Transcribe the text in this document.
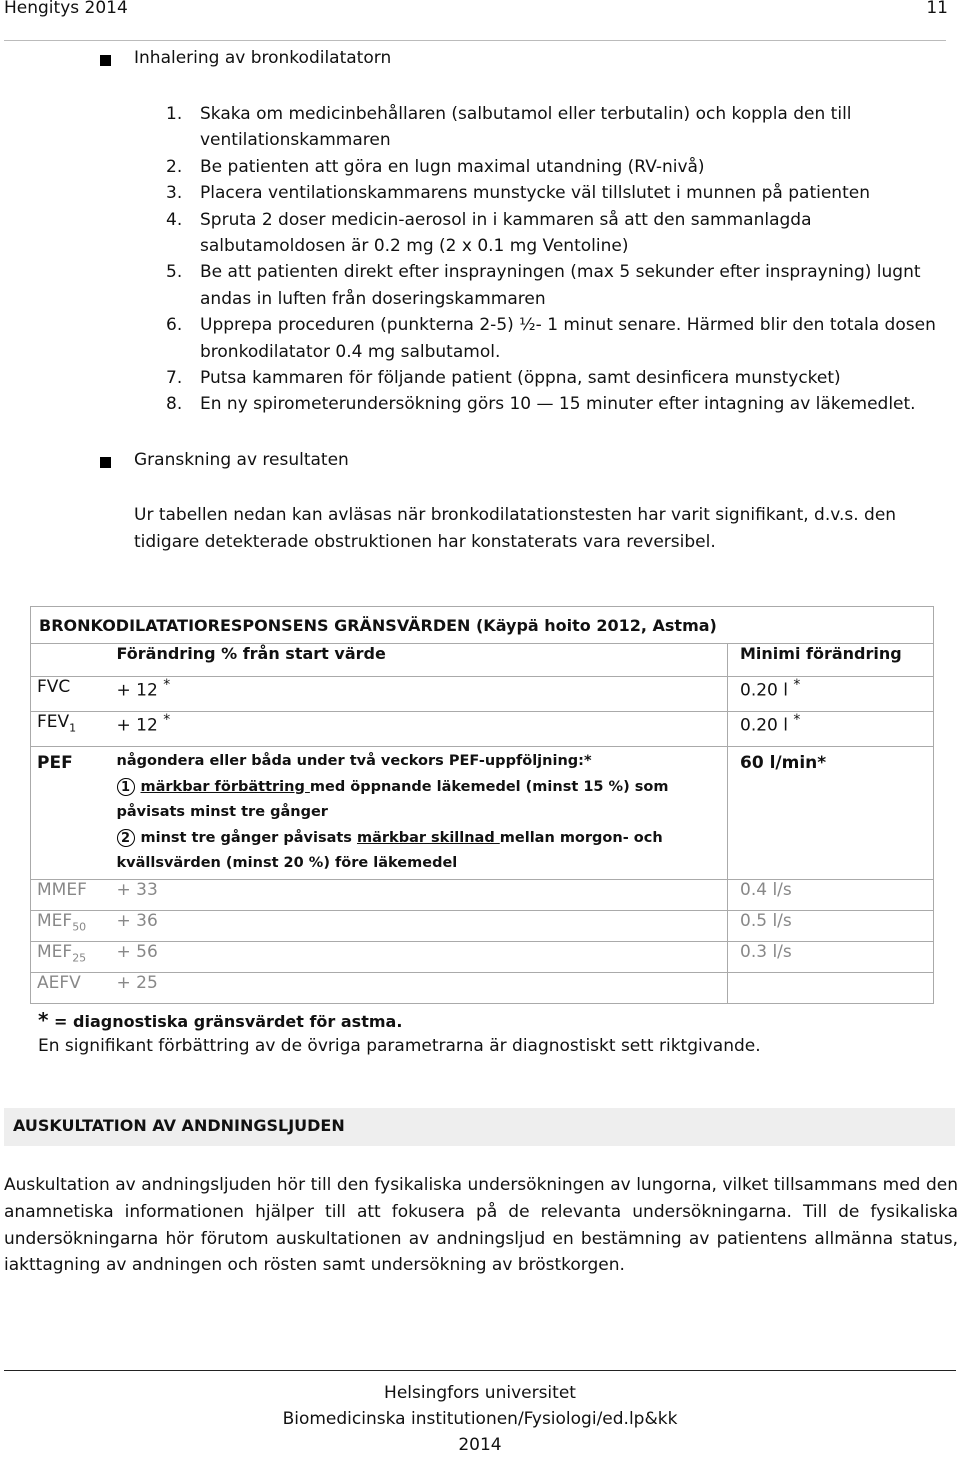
Hengitys 2014	11
Inhalering av bronkodilatatorn
1. Skaka om medicinbehållaren (salbutamol eller terbutalin) och koppla den till ventilationskammaren
2. Be patienten att göra en lugn maximal utandning (RV-nivå)
3. Placera ventilationskammarens munstycke väl tillslutet i munnen på patienten
4. Spruta 2 doser medicin-aerosol in i kammaren så att den sammanlagda salbutamoldosen är 0.2 mg (2 x 0.1 mg Ventoline)
5. Be att patienten direkt efter insprayningen (max 5 sekunder efter insprayning) lugnt andas in luften från doseringskammaren
6. Upprepa proceduren (punkterna 2-5) ½- 1 minut senare. Härmed blir den totala dosen bronkodilatator 0.4 mg salbutamol.
7. Putsa kammaren för följande patient (öppna, samt desinficera munstycket)
8. En ny spirometerundersökning görs 10 — 15 minuter efter intagning av läkemedlet.
Granskning av resultaten
Ur tabellen nedan kan avläsas när bronkodilatationstesten har varit signifikant, d.v.s. den tidigare detekterade obstruktionen har konstaterats vara reversibel.
BRONKODILATATIORESPONSENS GRÄNSVÄRDEN (Käypä hoito 2012, Astma)		
	Förändring % från start värde	Minimi förändring
FVC	+ 12 *	0.20 l *
$FEV_1$	+ 12 *	0.20 l *
PEF	någondera eller båda under två veckors PEF-uppföljning:*
1 märkbar förbättring med öppnande läkemedel (minst 15 %) som påvisats minst tre gånger
2 minst tre gånger påvisats märkbar skillnad mellan morgon- och kvällsvärden (minst 20 %) före läkemedel	60 l/min*
MMEF	+ 33	0.4 l/s
$MEF_{50}$	+ 36	0.5 l/s
$MEF_{25}$	+ 56	0.3 l/s
AEFV	+ 25	
* = diagnostiska gränsvärdet för astma.
En signifikant förbättring av de övriga parametrarna är diagnostiskt sett riktgivande.
AUSKULTATION AV ANDNINGSLJUDEN
Auskultation av andningsljuden hör till den fysikaliska undersökningen av lungorna, vilket tillsammans med den anamnetiska informationen hjälper till att fokusera på de relevanta undersökningarna. Till de fysikaliska undersökningarna hör förutom auskultationen av andningsljud en bestämning av patientens allmänna status, iakttagning av andningen och rösten samt undersökning av bröstkorgen.
Helsingfors universitet
Biomedicinska institutionen/Fysiologi/ed.lp&kk
2014
